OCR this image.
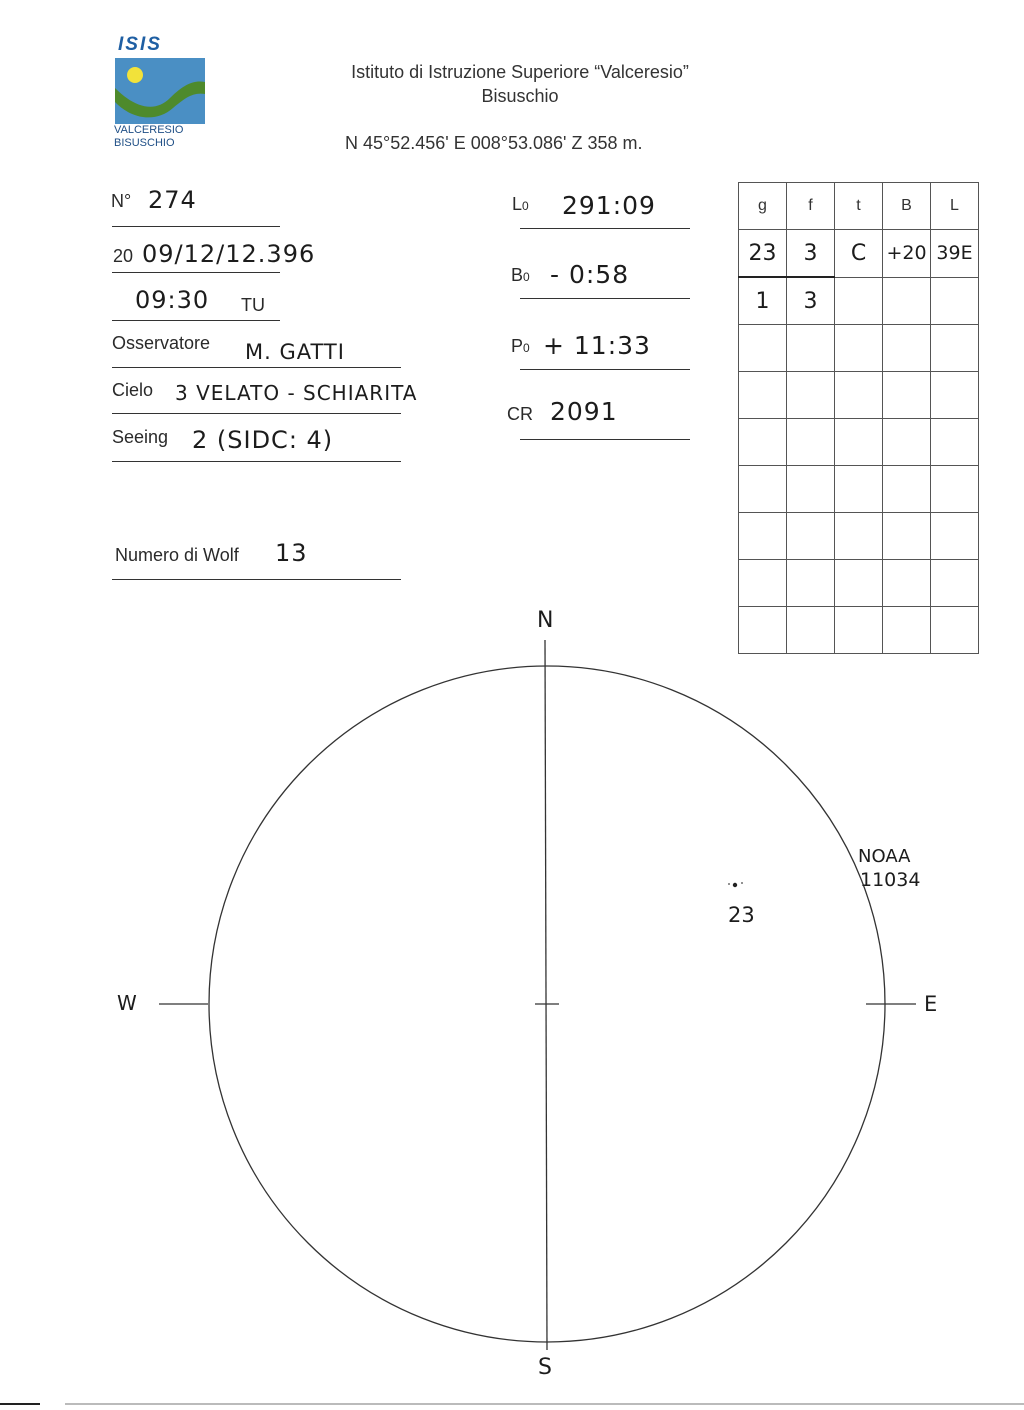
ISIS
VALCERESIO
BISUSCHIO
Istituto di Istruzione Superiore “Valceresio”
Bisuschio
N 45°52.456' E 008°53.086' Z 358 m.
N° 274
20 09/12/12.396
09:30 TU
Osservatore M. GATTI
Cielo 3 VELATO - SCHIARITA
Seeing 2 (SIDC: 4)
Numero di Wolf 13
L0 291:09
B0 - 0:58
P0 + 11:33
CR 2091
g	f	t	B	L
23	3	C	+20	39E
1	3			

N
S
W	E
23
NOAA
11034
